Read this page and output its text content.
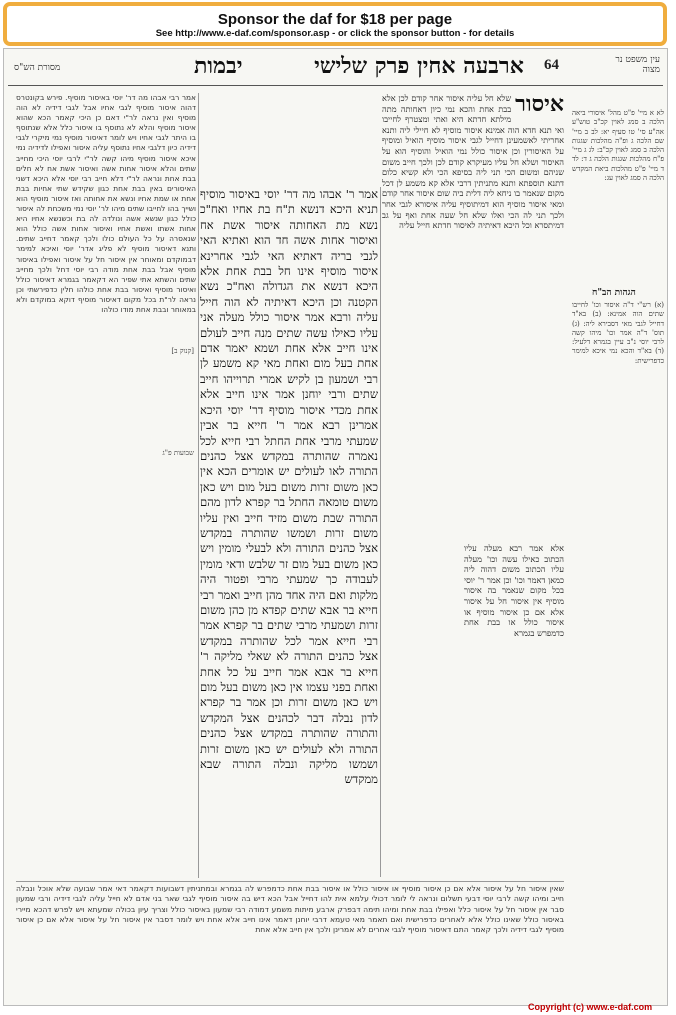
Sponsor the daf for $18 per page
See http://www.e-daf.com/sponsor.asp - or click the sponsor button - for details
מסורת הש"ס	יבמות	ארבעה אחין פרק שלישי	64	עין משפט נר מצוה
לא א מיי' פ"ט מהל' איסורי ביאה הלכה ב סמג לאוין קכ"ב טוש"ע אה"ע סי' טו סעיף יא: לב ב מיי' שם הלכה ג ופ"ה מהלכות שגגות הלכה ב סמג לאוין קכ"ב: לג ג מיי' פ"ח מהלכות שגגות הלכה ג ד: לד ד מיי' פ"ט מהלכות ביאת המקדש הלכה ה סמג לאוין עג:
הגהות הב"ח
(א) רש"י ד"ה איסור וכו' לחייבו שתים הוה אמינא: (ב) בא"ד דחייל לגבי מאי דסבירא ליה: (ג) תוס' ד"ה אמר וכו' מיהו קשה לרבי יוסי נ"ב עיין בגמרא דלעיל: (ד) בא"ד והכא נמי איכא למימר כדפרישית:
איסור
שלא חל עליה איסור אחר קודם לכן אלא בבת אחת והכא נמי כיון דאחותה מתה מילתא חדתא היא ואתי ומצטרף לחייבו ואי תנא חדא הוה אמינא איסור מוסיף לא חיילי ליה ותנא אחריתי לאשמעינן דחייל לגבי איסור מוסיף הואיל ומוסיף על האיסורין וכן איסור כולל נמי הואיל והוסיף הוא על האיסור ושלא חל עליו מעיקרא קודם לכן ולכך חייב משום שניהם ומשום הכי תני ליה בסיפא הכי ולא קשיא כלום דתנא תוספתא ותנא מתניתין דרבי אלא קא משמע לן דכל מקום שנאמר בו ניחא ליה דלית ביה שום איסור אחר קודם ומאי איסור מוסיף הוא דמיתוסיף עליה איסורא לגבי אחר ולכך תני לה הכי ואלו שלא חל שעה אחת ואף על גב דמיתסרא וכל היכא דאיתיה לאיסור חדתא חייל עליה
אלא אמר רבא מעלה עליו הכתוב כאילו עשה וכו' מעלה עליו הכתוב משום דהוה ליה כמאן דאמר וכו' וכן אמר ר' יוסי בכל מקום שנאמר בה איסור מוסיף אין איסור חל על איסור אלא אם כן איסור מוסיף או איסור כולל או בבת אחת כדמפרש בגמרא
אמר ר' אבהו מה דר' יוסי באיסור מוסיף תניא היכא דנשא ת"ח בת אחיו ואח"כ נשא מת האחותה איסור אשת אח ואיסור אחות אשה חד הוא ואתיא האי לגבי בריה דאתיא האי לגבי אחרינא איסור מוסיף אינו חל בבת אחת אלא היכא דנשא את הגדולה ואח"כ נשא הקטנה וכן היכא דאיתיה לא הוה חייל עליה ורבא אמר איסור כולל מעלה אני עליו כאילו עשה שתים מנה חייב לעולם אינו חייב אלא אחת ושמא יאמר אדם אחת בעל מום ואחת מאי קא משמע לן רבי ושמעון בן לקיש אמרי תרוייהו חייב שתים ורבי יוחנן אמר אינו חייב אלא אחת מכדי איסור מוסיף דר' יוסי היכא אמרינן רבא אמר ר' חייא בר אבין שמעתי מרבי אחת החתל רבי חייא לכל נאמרה שהותרה במקדש אצל כהנים התורה לאו לעולים יש אומרים הכא אין כאן משום זרות משום בעל מום ויש כאן משום טומאה החתל בר קפרא לדון מהם התורה שבת משום מזיד חייב ואין עליו משום זרות ושמשו שהותרה במקדש אצל כהנים התורה ולא לבעלי מומין ויש כאן משום בעל מום זר שלבש ודאי מומין לעבודה כך שמעתי מרבי ופטור היה מלקות ואם היה אחד מהן חייב ואמר רבי חייא בר אבא שתים קפדא מן כהן משום זרות ושמעתי מרבי שתים בר קפרא אמר רבי חייא אמר לכל שהותרה במקדש אצל כהנים התורה לא שאלי מליקה ר' חייא בר אבא אמר חייב על כל אחת ואחת בפני עצמו אין כאן משום בעל מום ויש כאן משום זרות וכן אמר בר קפרא לדון נבלה דבר לכהנים אצל המקדש והתורה שהותרה במקדש אצל כהנים התורה ולא לעולים יש כאן משום זרות ושמשו מליקה ונבלה התורה שבא ממקדש
אמר רבי אבהו מה דר' יוסי באיסור מוסיף. פירש בקונטרס דהוה איסור מוסיף לגבי אחיו אבל לגבי דידיה לא הוה מוסיף ואין נראה לר"י דאם כן היכי קאמר הכא שהוא איסור מוסיף והלא לא נתוסף בו איסור כלל אלא שנתוסף בו היתר לגבי אחיו ויש לומר דאיסור מוסיף נמי מיקרי לגבי דידיה כיון דלגבי אחיו נתוסף עליה איסור ואפילו לדידיה נמי איכא איסור מוסיף מיהו קשה לר"י לרבי יוסי היכי מחייב שתים והלא איסור אחות אשה ואיסור אשת אח לא חלים בבת אחת ונראה לר"י דלא חייב רבי יוסי אלא היכא דשני האיסורים באין בבת אחת כגון שקידש שתי אחיות בבת אחת או שמת אחיו ונשא את אחותה ואז איסור מוסיף הוא ושייך בהו לחייבו שתים מיהו לר' יוסי נמי משכחת לה איסור כולל כגון שנשא אשה ונולדה לה בת וכשנשא אחיו היא אחות אשתו ואשת אחיו ואיסור אחות אשה כולל הוא שנאסרה על כל העולם כולו ולכך קאמר דחייב שתים. ותנא דאיסור מוסיף לא פליג אדר' יוסי ואיכא למימר דבמוקדם ומאוחר אין איסור חל על איסור ואפילו באיסור מוסיף אבל בבת אחת מודה רבי יוסי דחל ולכך מחייב שתים והשתא אתי שפיר הא דקאמר בגמרא דאיסור כולל ואיסור מוסיף ואיסור בבת אחת כולהו חלין כדפירשתי וכן נראה לר"ת בכל מקום דאיסור מוסיף דוקא במוקדם ולא במאוחר ובבת אחת מודו כולהו
[קנוק ב]
שבועות פ"ג
שאין איסור חל על איסור אלא אם כן איסור מוסיף או איסור כולל או איסור בבת אחת כדמפרש לה בגמרא ובמתניתין דשבועות דקאמר דאי אמר שבועה שלא אוכל ונבלה חייב ומיהו קשה לרבי יוסי דבעי תשלום ונראה לי לומר דכולי עלמא אית להו דחייל אבל הכא דיש בה איסור מוסיף לגבי שאר בני אדם לא חייל עליה לגבי דידיה ורבי שמעון סבר אין איסור חל על איסור כלל ואפילו בבת אחת ומיהו תימה דבפרק ארבע מיתות משמע דמודה רבי שמעון באיסור כולל וצריך עיון בכולה שמעתא ויש לפרש דהכא מיירי באיסור כולל שאינו כולל אלא לאחרים כדפרישית ואם תאמר מאי טעמא דרבי יוחנן דאמר אינו חייב אלא אחת ויש לומר דסבר אין איסור חל על איסור אלא אם כן איסור מוסיף לגבי דידיה ולכך קאמר התם דאיסור מוסיף לגבי אחרים לא אמרינן ולכך אין חייב אלא אחת
Copyright (c) www.e-daf.com
